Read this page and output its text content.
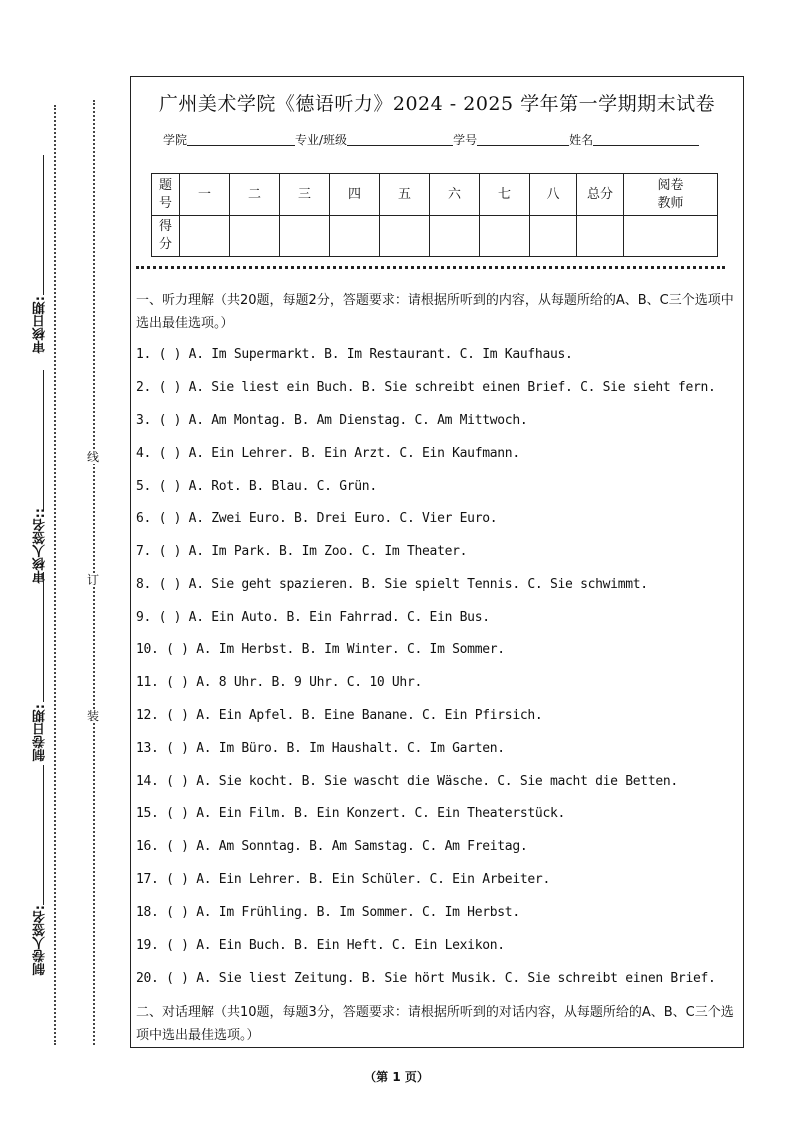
审核日期:
审核人签名::
制卷日期:
制卷人签名:
线
订
装
广州美术学院《德语听力》2024 - 2025 学年第一学期期末试卷
学院	专业/班级	学号	姓名
题号	一	二	三	四	五	六	七	八	总分	阅卷教师
得分										
一、听力理解（共20题，每题2分，答题要求：请根据所听到的内容，从每题所给的A、B、C三个选项中选出最佳选项。）
1. ( ) A. Im Supermarkt. B. Im Restaurant. C. Im Kaufhaus.
2. ( ) A. Sie liest ein Buch. B. Sie schreibt einen Brief. C. Sie sieht fern.
3. ( ) A. Am Montag. B. Am Dienstag. C. Am Mittwoch.
4. ( ) A. Ein Lehrer. B. Ein Arzt. C. Ein Kaufmann.
5. ( ) A. Rot. B. Blau. C. Grün.
6. ( ) A. Zwei Euro. B. Drei Euro. C. Vier Euro.
7. ( ) A. Im Park. B. Im Zoo. C. Im Theater.
8. ( ) A. Sie geht spazieren. B. Sie spielt Tennis. C. Sie schwimmt.
9. ( ) A. Ein Auto. B. Ein Fahrrad. C. Ein Bus.
10. ( ) A. Im Herbst. B. Im Winter. C. Im Sommer.
11. ( ) A. 8 Uhr. B. 9 Uhr. C. 10 Uhr.
12. ( ) A. Ein Apfel. B. Eine Banane. C. Ein Pfirsich.
13. ( ) A. Im Büro. B. Im Haushalt. C. Im Garten.
14. ( ) A. Sie kocht. B. Sie wascht die Wäsche. C. Sie macht die Betten.
15. ( ) A. Ein Film. B. Ein Konzert. C. Ein Theaterstück.
16. ( ) A. Am Sonntag. B. Am Samstag. C. Am Freitag.
17. ( ) A. Ein Lehrer. B. Ein Schüler. C. Ein Arbeiter.
18. ( ) A. Im Frühling. B. Im Sommer. C. Im Herbst.
19. ( ) A. Ein Buch. B. Ein Heft. C. Ein Lexikon.
20. ( ) A. Sie liest Zeitung. B. Sie hört Musik. C. Sie schreibt einen Brief.
二、对话理解（共10题，每题3分，答题要求：请根据所听到的对话内容，从每题所给的A、B、C三个选项中选出最佳选项。）
（第 1 页）
